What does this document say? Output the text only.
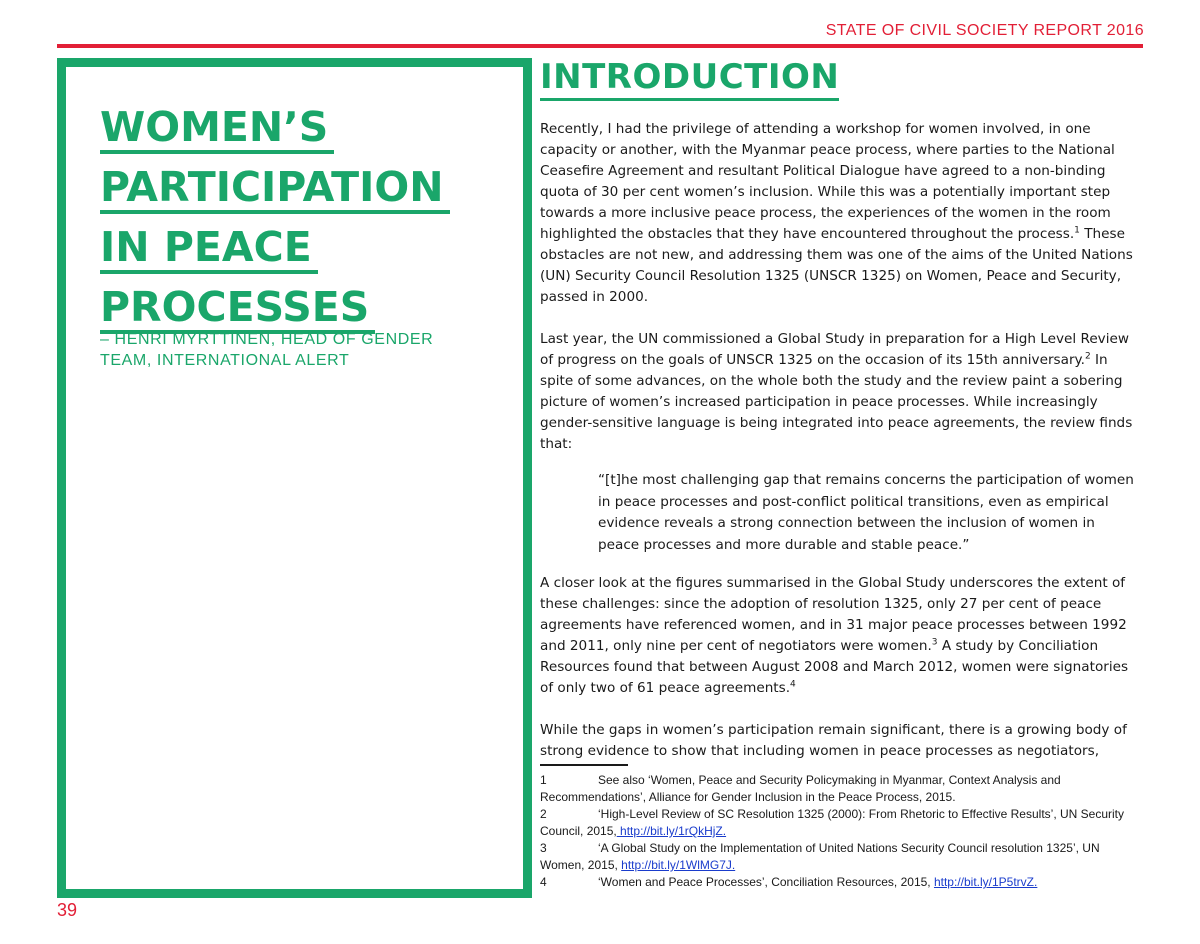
STATE OF CIVIL SOCIETY REPORT 2016
WOMEN’S
PARTICIPATION
IN PEACE
PROCESSES
– HENRI MYRTTINEN, HEAD OF GENDER TEAM, INTERNATIONAL ALERT
39
INTRODUCTION

Recently, I had the privilege of attending a workshop for women involved, in one capacity or another, with the Myanmar peace process, where parties to the National Ceasefire Agreement and resultant Political Dialogue have agreed to a non-binding quota of 30 per cent women’s inclusion. While this was a potentially important step towards a more inclusive peace process, the experiences of the women in the room highlighted the obstacles that they have encountered throughout the process.$^1$ These obstacles are not new, and addressing them was one of the aims of the United Nations (UN) Security Council Resolution 1325 (UNSCR 1325) on Women, Peace and Security, passed in 2000.

Last year, the UN commissioned a Global Study in preparation for a High Level Review of progress on the goals of UNSCR 1325 on the occasion of its 15th anniversary.$^2$ In spite of some advances, on the whole both the study and the review paint a sobering picture of women’s increased participation in peace processes. While increasingly gender-sensitive language is being integrated into peace agreements, the review finds that:

“[t]he most challenging gap that remains concerns the participation of women in peace processes and post-conflict political transitions, even as empirical evidence reveals a strong connection between the inclusion of women in peace processes and more durable and stable peace.”

A closer look at the figures summarised in the Global Study underscores the extent of these challenges: since the adoption of resolution 1325, only 27 per cent of peace agreements have referenced women, and in 31 major peace processes between 1992 and 2011, only nine per cent of negotiators were women.$^3$ A study by Conciliation Resources found that between August 2008 and March 2012, women were signatories of only two of 61 peace agreements.$^4$

While the gaps in women’s participation remain significant, there is a growing body of strong evidence to show that including women in peace processes as negotiators,

1	See also ‘Women, Peace and Security Policymaking in Myanmar, Context Analysis and Recommendations’, Alliance for Gender Inclusion in the Peace Process, 2015.
2	‘High-Level Review of SC Resolution 1325 (2000): From Rhetoric to Effective Results’, UN Security Council, 2015, http://bit.ly/1rQkHjZ.
3	‘A Global Study on the Implementation of United Nations Security Council resolution 1325’, UN Women, 2015, http://bit.ly/1WlMG7J.
4	‘Women and Peace Processes’, Conciliation Resources, 2015, http://bit.ly/1P5trvZ.
